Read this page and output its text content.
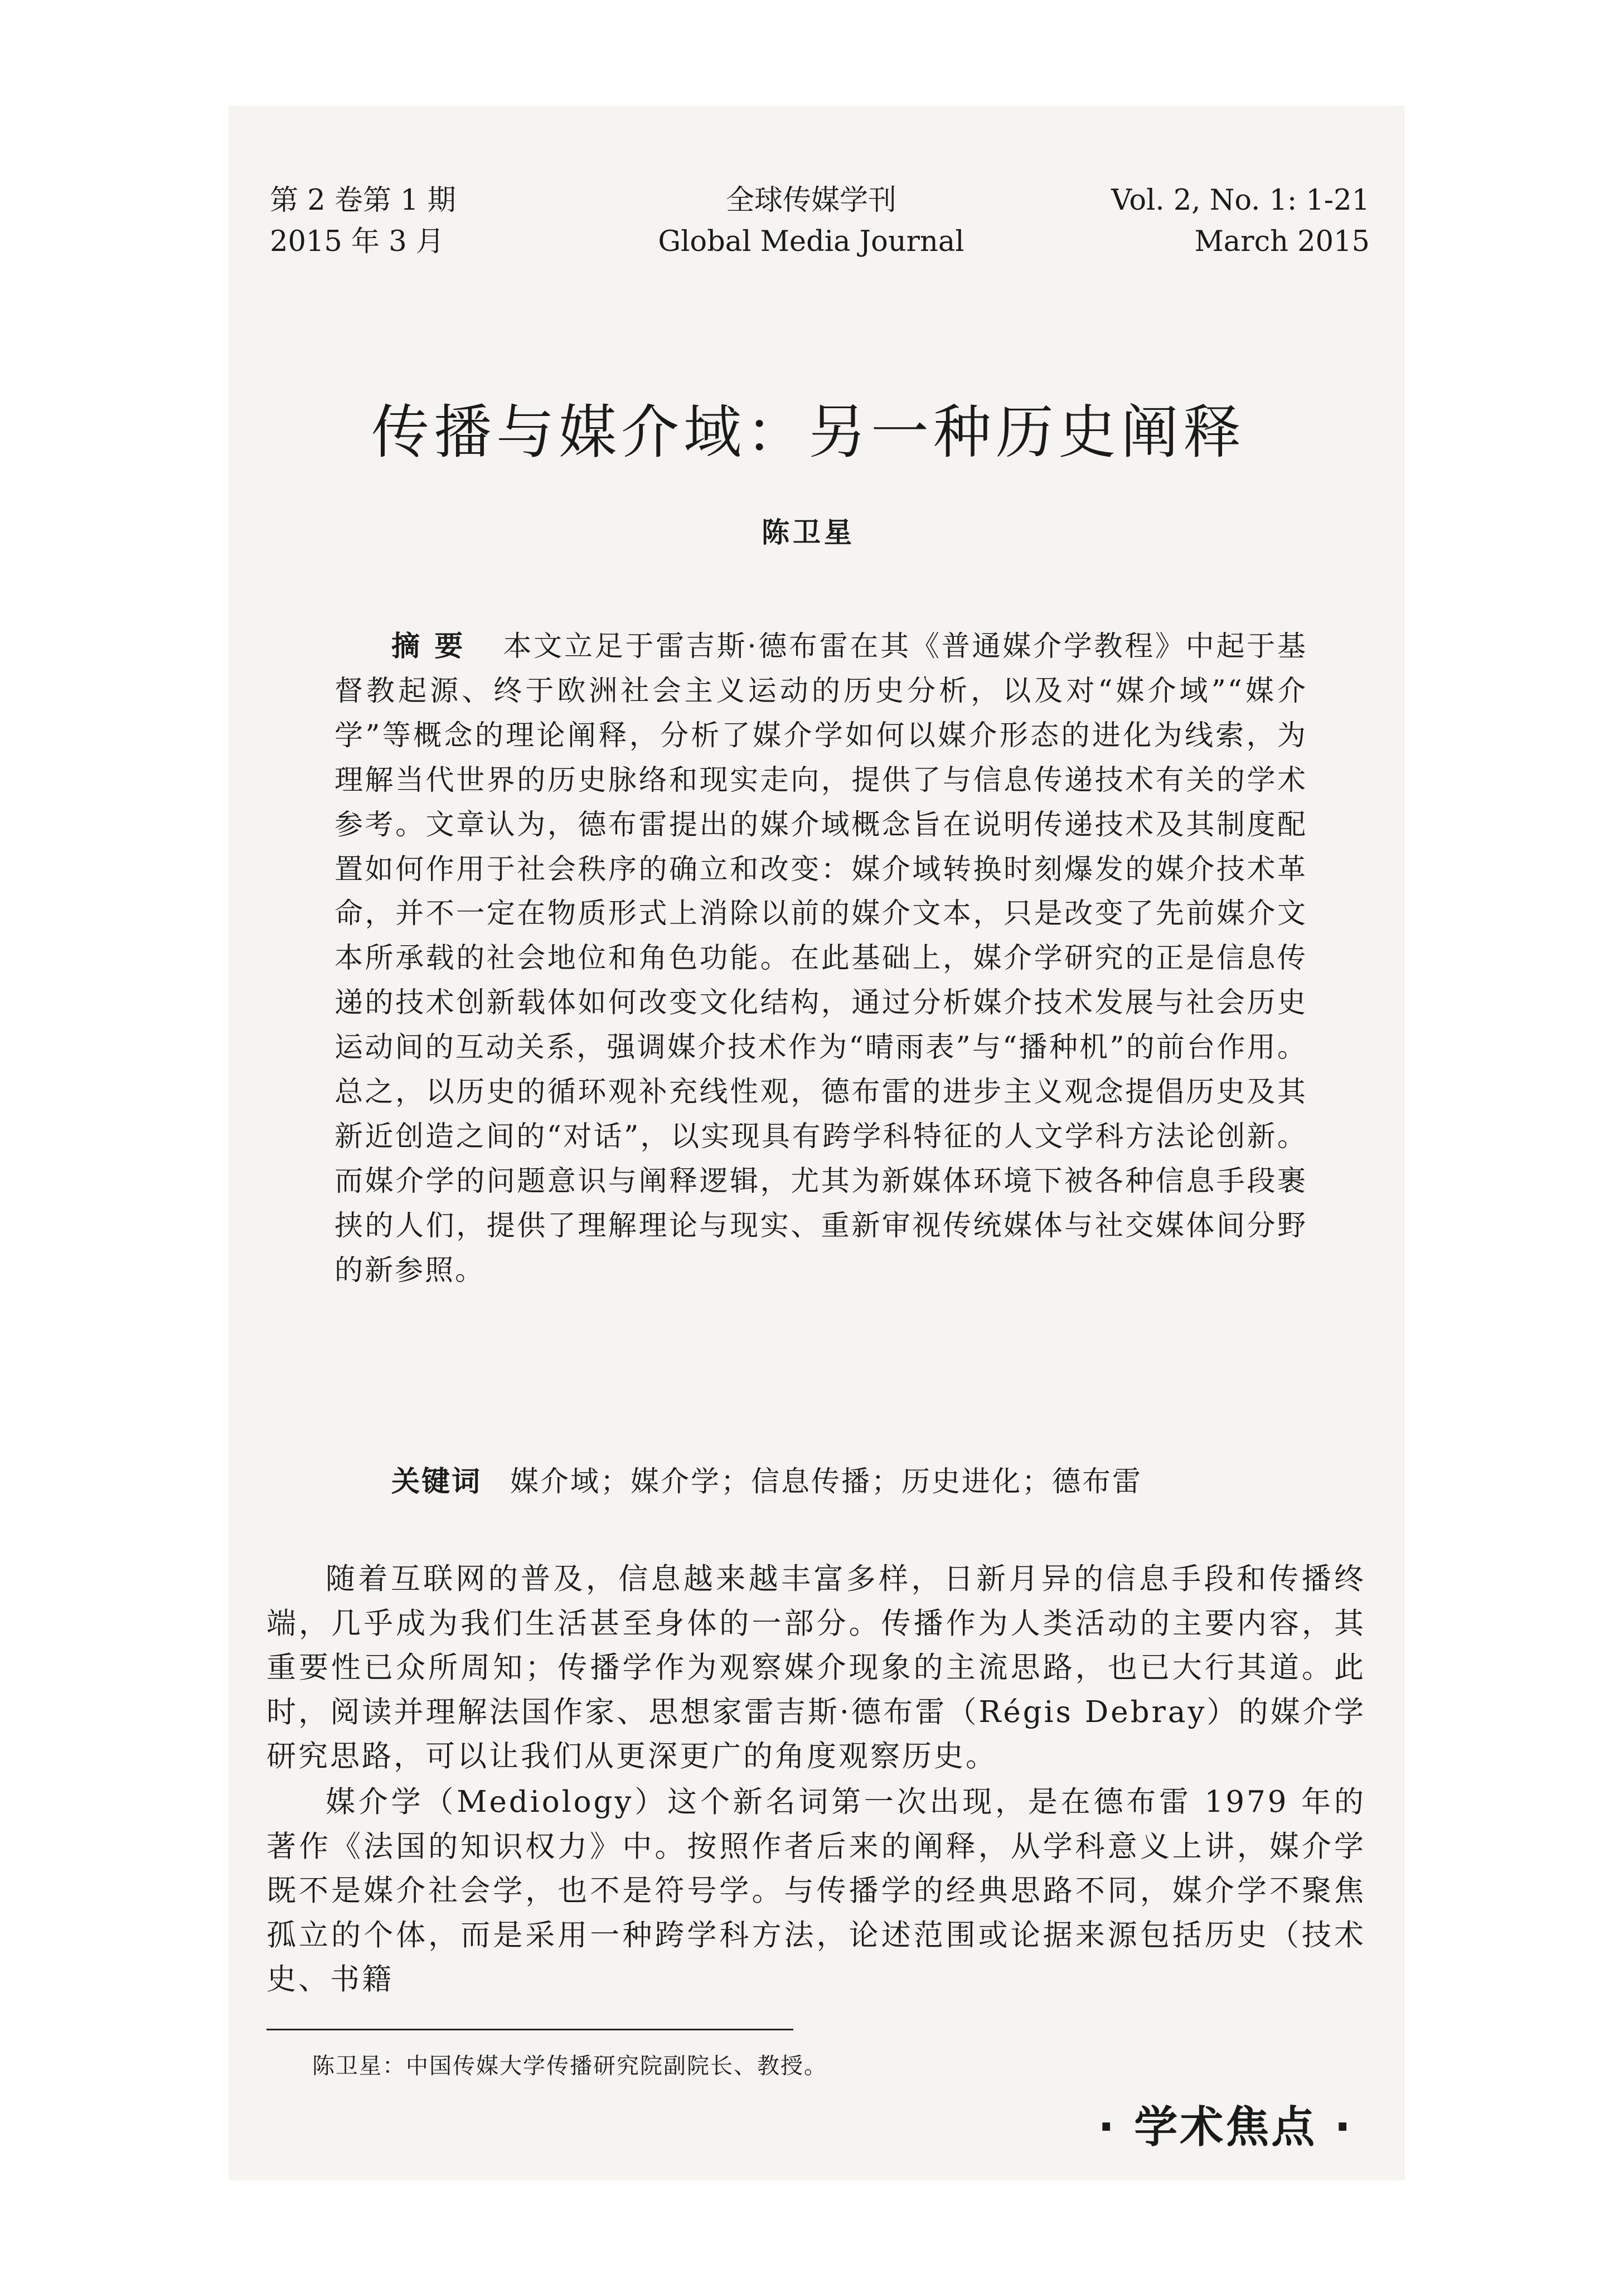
第 2 卷第 1 期
2015 年 3 月
全球传媒学刊
Global Media Journal
Vol. 2, No. 1: 1-21
March 2015
传播与媒介域：另一种历史阐释
陈卫星

摘要 本文立足于雷吉斯·德布雷在其《普通媒介学教程》中起于基督教起源、终于欧洲社会主义运动的历史分析，以及对“媒介域”“媒介学”等概念的理论阐释，分析了媒介学如何以媒介形态的进化为线索，为理解当代世界的历史脉络和现实走向，提供了与信息传递技术有关的学术参考。文章认为，德布雷提出的媒介域概念旨在说明传递技术及其制度配置如何作用于社会秩序的确立和改变：媒介域转换时刻爆发的媒介技术革命，并不一定在物质形式上消除以前的媒介文本，只是改变了先前媒介文本所承载的社会地位和角色功能。在此基础上，媒介学研究的正是信息传递的技术创新载体如何改变文化结构，通过分析媒介技术发展与社会历史运动间的互动关系，强调媒介技术作为“晴雨表”与“播种机”的前台作用。总之，以历史的循环观补充线性观，德布雷的进步主义观念提倡历史及其新近创造之间的“对话”，以实现具有跨学科特征的人文学科方法论创新。而媒介学的问题意识与阐释逻辑，尤其为新媒体环境下被各种信息手段裹挟的人们，提供了理解理论与现实、重新审视传统媒体与社交媒体间分野的新参照。

关键词 媒介域；媒介学；信息传播；历史进化；德布雷

随着互联网的普及，信息越来越丰富多样，日新月异的信息手段和传播终端，几乎成为我们生活甚至身体的一部分。传播作为人类活动的主要内容，其重要性已众所周知；传播学作为观察媒介现象的主流思路，也已大行其道。此时，阅读并理解法国作家、思想家雷吉斯·德布雷（Régis Debray）的媒介学研究思路，可以让我们从更深更广的角度观察历史。

媒介学（Mediology）这个新名词第一次出现，是在德布雷 1979 年的著作《法国的知识权力》中。按照作者后来的阐释，从学科意义上讲，媒介学既不是媒介社会学，也不是符号学。与传播学的经典思路不同，媒介学不聚焦孤立的个体，而是采用一种跨学科方法，论述范围或论据来源包括历史（技术史、书籍

陈卫星：中国传媒大学传播研究院副院长、教授。
· 学术焦点 ·
